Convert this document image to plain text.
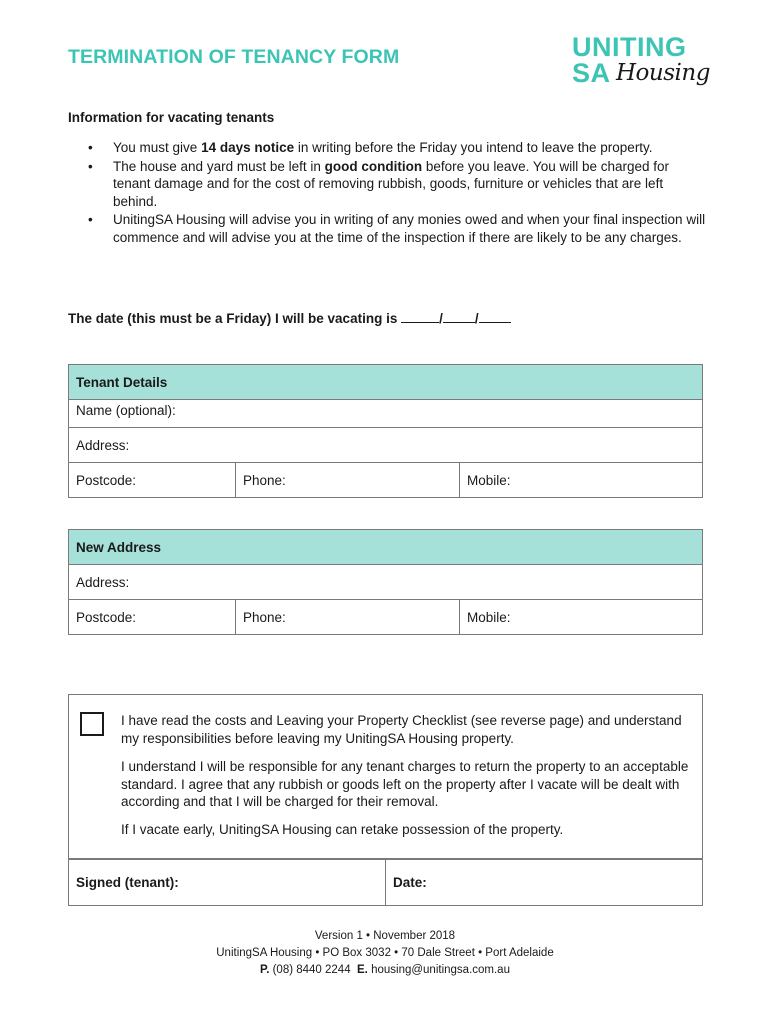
TERMINATION OF TENANCY FORM	UNITING
SA Housing

Information for vacating tenants

• You must give 14 days notice in writing before the Friday you intend to leave the property.
• The house and yard must be left in good condition before you leave. You will be charged for tenant damage and for the cost of removing rubbish, goods, furniture or vehicles that are left behind.
• UnitingSA Housing will advise you in writing of any monies owed and when your final inspection will commence and will advise you at the time of the inspection if there are likely to be any charges.

The date (this must be a Friday) I will be vacating is	/ /

Tenant Details
Name (optional):
Address:
Postcode:	Phone:	Mobile:
New Address
Address:
Postcode:	Phone:	Mobile:

I have read the costs and Leaving your Property Checklist (see reverse page) and understand my responsibilities before leaving my UnitingSA Housing property.

I understand I will be responsible for any tenant charges to return the property to an acceptable standard. I agree that any rubbish or goods left on the property after I vacate will be dealt with according and that I will be charged for their removal.

If I vacate early, UnitingSA Housing can retake possession of the property.

Signed (tenant):	Date:
Version 1 • November 2018
UnitingSA Housing • PO Box 3032 • 70 Dale Street • Port Adelaide
P. (08) 8440 2244 E. housing@unitingsa.com.au
